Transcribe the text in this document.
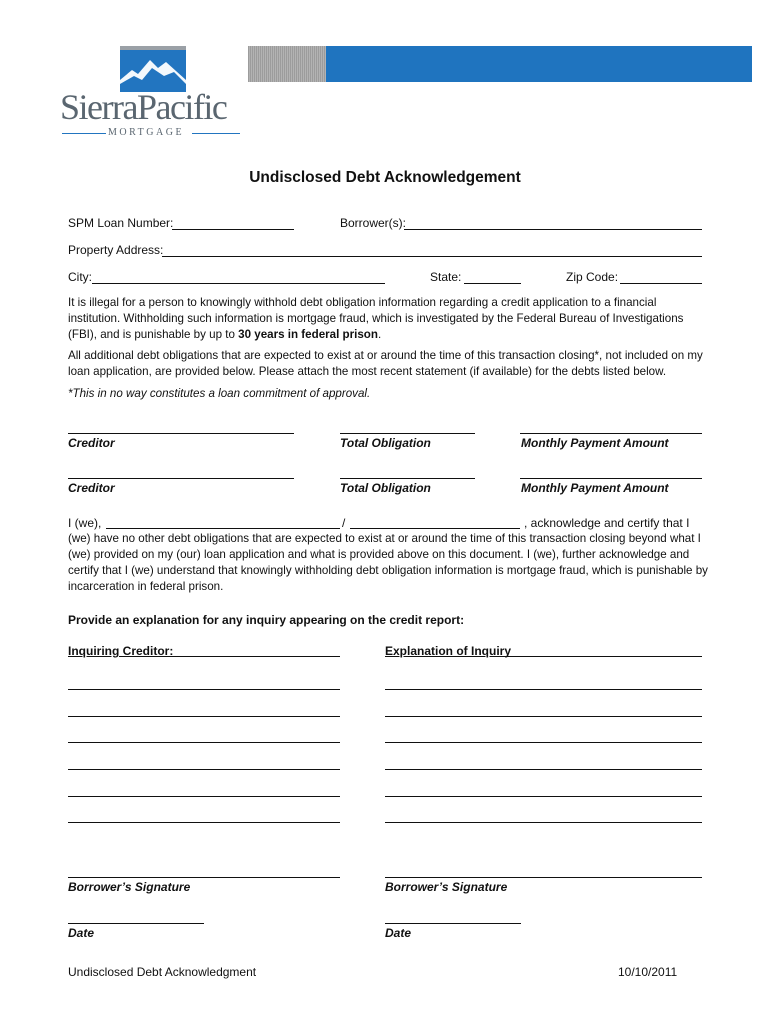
SierraPacific
MORTGAGE
Undisclosed Debt Acknowledgement
SPM Loan Number:	Borrower(s):
Property Address:
City:	State:	Zip Code:
It is illegal for a person to knowingly withhold debt obligation information regarding a credit application to a financial institution. Withholding such information is mortgage fraud, which is investigated by the Federal Bureau of Investigations (FBI), and is punishable by up to 30 years in federal prison.
All additional debt obligations that are expected to exist at or around the time of this transaction closing*, not included on my loan application, are provided below. Please attach the most recent statement (if available) for the debts listed below.
*This in no way constitutes a loan commitment of approval.
Creditor	Total Obligation	Monthly Payment Amount
Creditor	Total Obligation	Monthly Payment Amount
I (we),	/	, acknowledge and certify that I
(we) have no other debt obligations that are expected to exist at or around the time of this transaction closing beyond what I (we) provided on my (our) loan application and what is provided above on this document. I (we), further acknowledge and certify that I (we) understand that knowingly withholding debt obligation information is mortgage fraud, which is punishable by incarceration in federal prison.
Provide an explanation for any inquiry appearing on the credit report:
Inquiring Creditor:	Explanation of Inquiry
Borrower’s Signature	Borrower’s Signature
Date	Date
Undisclosed Debt Acknowledgment	10/10/2011
